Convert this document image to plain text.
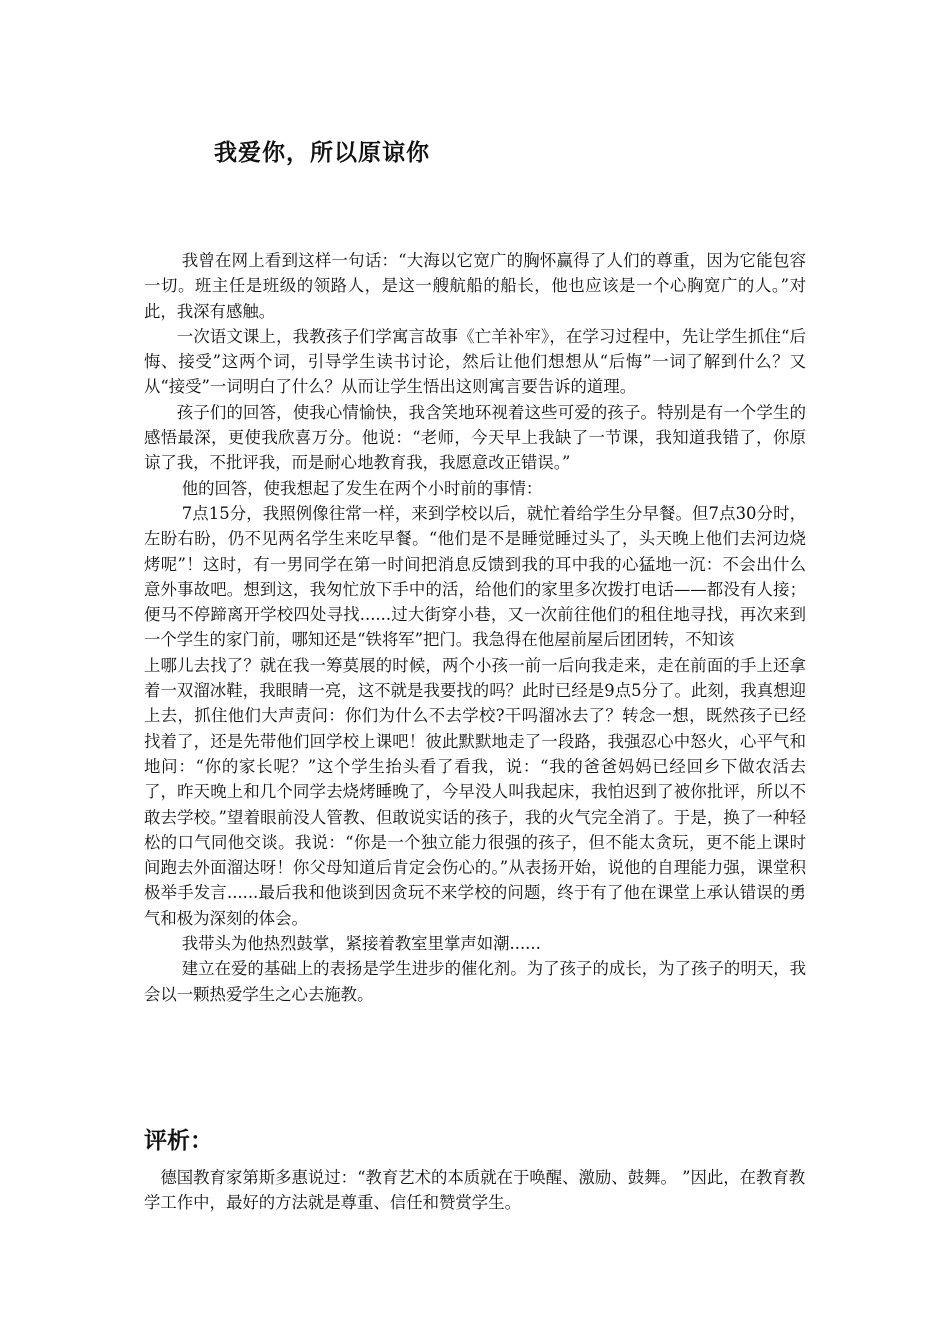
我爱你，所以原谅你

我曾在网上看到这样一句话：“大海以它宽广的胸怀赢得了人们的尊重，因为它能包容一切。班主任是班级的领路人，是这一艘航船的船长，他也应该是一个心胸宽广的人。”对此，我深有感触。

一次语文课上，我教孩子们学寓言故事《亡羊补牢》，在学习过程中，先让学生抓住“后悔、接受”这两个词，引导学生读书讨论，然后让他们想想从“后悔”一词了解到什么？又从“接受”一词明白了什么？从而让学生悟出这则寓言要告诉的道理。

孩子们的回答，使我心情愉快，我含笑地环视着这些可爱的孩子。特别是有一个学生的感悟最深，更使我欣喜万分。他说：“老师，今天早上我缺了一节课，我知道我错了，你原谅了我，不批评我，而是耐心地教育我，我愿意改正错误。”

他的回答，使我想起了发生在两个小时前的事情：

7点15分，我照例像往常一样，来到学校以后，就忙着给学生分早餐。但7点30分时，左盼右盼，仍不见两名学生来吃早餐。“他们是不是睡觉睡过头了，头天晚上他们去河边烧烤呢”！这时，有一男同学在第一时间把消息反馈到我的耳中我的心猛地一沉：不会出什么意外事故吧。想到这，我匆忙放下手中的活，给他们的家里多次拨打电话——都没有人接；便马不停蹄离开学校四处寻找......过大街穿小巷，又一次前往他们的租住地寻找，再次来到一个学生的家门前，哪知还是“铁将军”把门。我急得在他屋前屋后团团转，不知该

上哪儿去找了？就在我一筹莫展的时候，两个小孩一前一后向我走来，走在前面的手上还拿着一双溜冰鞋，我眼睛一亮，这不就是我要找的吗？此时已经是9点5分了。此刻，我真想迎上去，抓住他们大声责问：你们为什么不去学校?干吗溜冰去了？转念一想，既然孩子已经找着了，还是先带他们回学校上课吧！彼此默默地走了一段路，我强忍心中怒火，心平气和地问：“你的家长呢？”这个学生抬头看了看我，说：“我的爸爸妈妈已经回乡下做农活去了，昨天晚上和几个同学去烧烤睡晚了，今早没人叫我起床，我怕迟到了被你批评，所以不敢去学校。”望着眼前没人管教、但敢说实话的孩子，我的火气完全消了。于是，换了一种轻松的口气同他交谈。我说：“你是一个独立能力很强的孩子，但不能太贪玩，更不能上课时间跑去外面溜达呀！你父母知道后肯定会伤心的。”从表扬开始，说他的自理能力强，课堂积极举手发言......最后我和他谈到因贪玩不来学校的问题，终于有了他在课堂上承认错误的勇气和极为深刻的体会。

我带头为他热烈鼓掌，紧接着教室里掌声如潮......

建立在爱的基础上的表扬是学生进步的催化剂。为了孩子的成长，为了孩子的明天，我会以一颗热爱学生之心去施教。

评析：

德国教育家第斯多惠说过：“教育艺术的本质就在于唤醒、激励、鼓舞。 ”因此，在教育教学工作中，最好的方法就是尊重、信任和赞赏学生。
